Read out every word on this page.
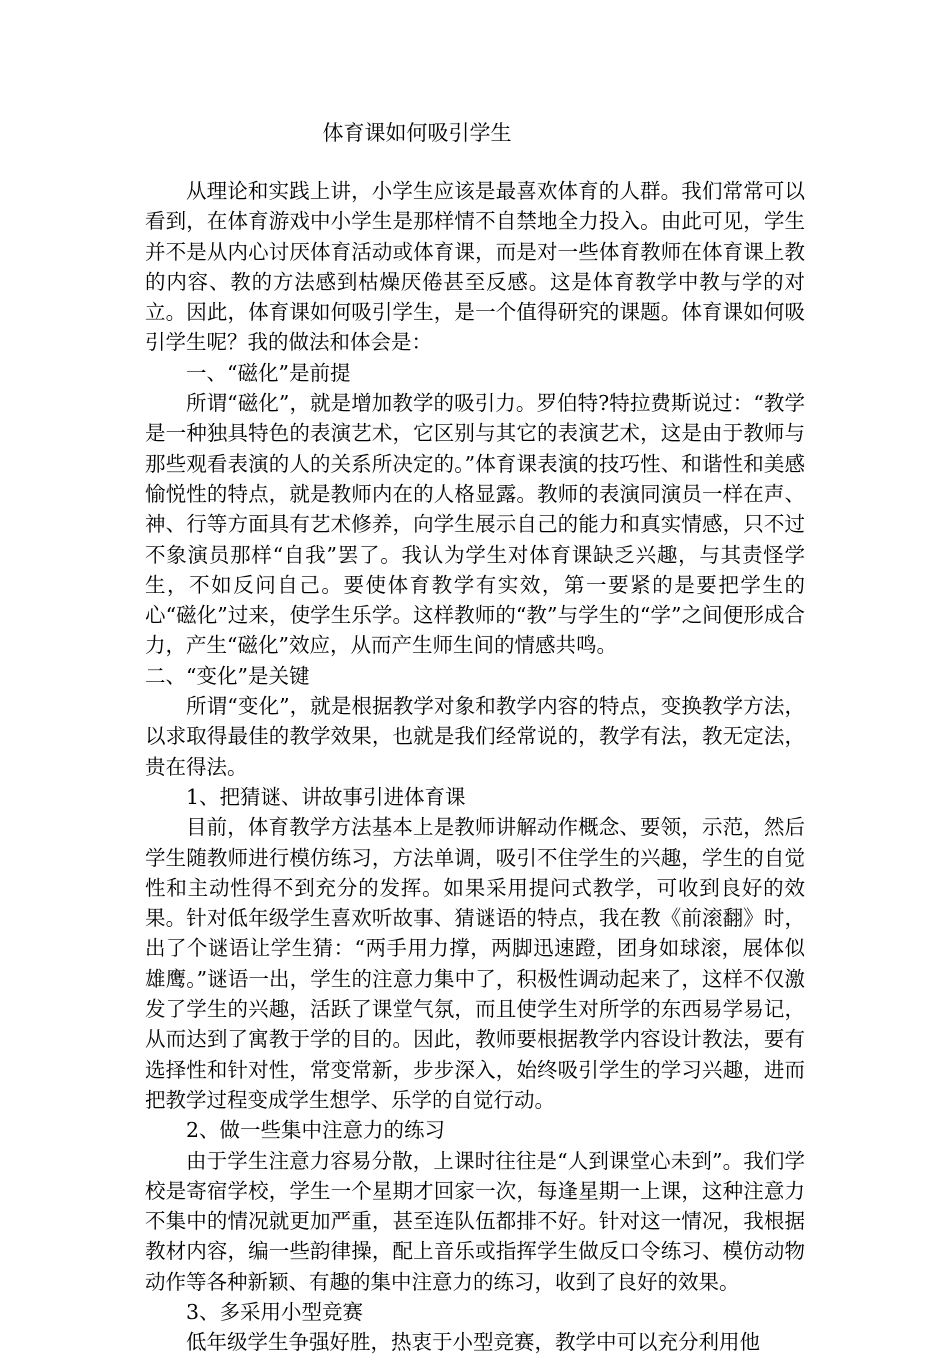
体育课如何吸引学生

从理论和实践上讲，小学生应该是最喜欢体育的人群。我们常常可以看到，在体育游戏中小学生是那样情不自禁地全力投入。由此可见，学生并不是从内心讨厌体育活动或体育课，而是对一些体育教师在体育课上教的内容、教的方法感到枯燥厌倦甚至反感。这是体育教学中教与学的对立。因此，体育课如何吸引学生，是一个值得研究的课题。体育课如何吸引学生呢？我的做法和体会是：

一、“磁化”是前提

所谓“磁化”，就是增加教学的吸引力。罗伯特?特拉费斯说过：“教学是一种独具特色的表演艺术，它区别与其它的表演艺术，这是由于教师与那些观看表演的人的关系所决定的。”体育课表演的技巧性、和谐性和美感愉悦性的特点，就是教师内在的人格显露。教师的表演同演员一样在声、神、行等方面具有艺术修养，向学生展示自己的能力和真实情感，只不过不象演员那样“自我”罢了。我认为学生对体育课缺乏兴趣，与其责怪学生，不如反问自己。要使体育教学有实效，第一要紧的是要把学生的心“磁化”过来，使学生乐学。这样教师的“教”与学生的“学”之间便形成合力，产生“磁化”效应，从而产生师生间的情感共鸣。

二、“变化”是关键

所谓“变化”，就是根据教学对象和教学内容的特点，变换教学方法，以求取得最佳的教学效果，也就是我们经常说的，教学有法，教无定法，贵在得法。

1、把猜谜、讲故事引进体育课

目前，体育教学方法基本上是教师讲解动作概念、要领，示范，然后学生随教师进行模仿练习，方法单调，吸引不住学生的兴趣，学生的自觉性和主动性得不到充分的发挥。如果采用提问式教学，可收到良好的效果。针对低年级学生喜欢听故事、猜谜语的特点，我在教《前滚翻》时，出了个谜语让学生猜：“两手用力撑，两脚迅速蹬，团身如球滚，展体似雄鹰。”谜语一出，学生的注意力集中了，积极性调动起来了，这样不仅激发了学生的兴趣，活跃了课堂气氛，而且使学生对所学的东西易学易记，从而达到了寓教于学的目的。因此，教师要根据教学内容设计教法，要有选择性和针对性，常变常新，步步深入，始终吸引学生的学习兴趣，进而把教学过程变成学生想学、乐学的自觉行动。

2、做一些集中注意力的练习

由于学生注意力容易分散，上课时往往是“人到课堂心未到”。我们学校是寄宿学校，学生一个星期才回家一次，每逢星期一上课，这种注意力不集中的情况就更加严重，甚至连队伍都排不好。针对这一情况，我根据教材内容，编一些韵律操，配上音乐或指挥学生做反口令练习、模仿动物动作等各种新颖、有趣的集中注意力的练习，收到了良好的效果。

3、多采用小型竞赛

低年级学生争强好胜，热衷于小型竞赛，教学中可以充分利用他
